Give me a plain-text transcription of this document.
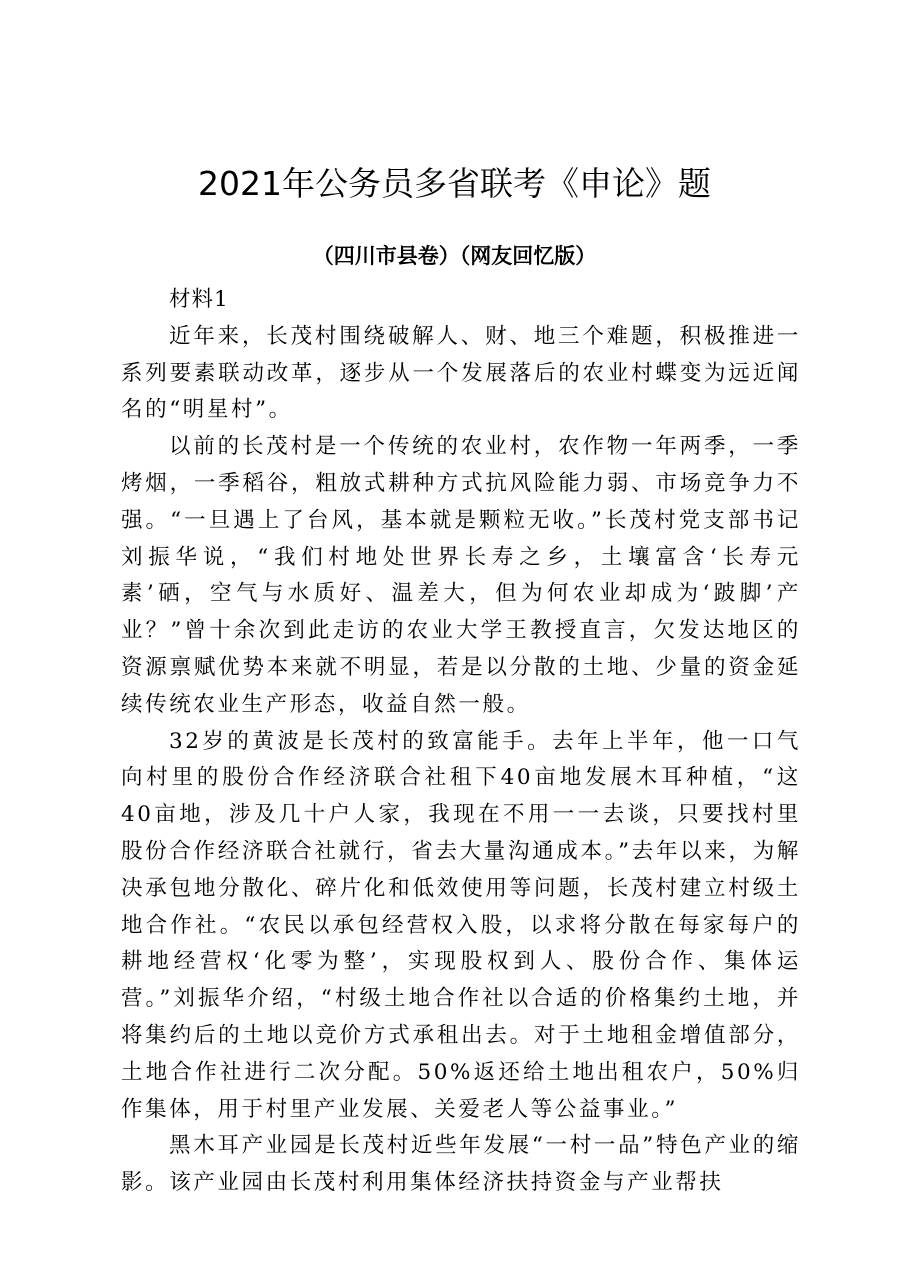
2021年公务员多省联考《申论》题
（四川市县卷）（网友回忆版）

材料1

近年来，长茂村围绕破解人、财、地三个难题，积极推进一系列要素联动改革，逐步从一个发展落后的农业村蝶变为远近闻名的“明星村”。

以前的长茂村是一个传统的农业村，农作物一年两季，一季烤烟，一季稻谷，粗放式耕种方式抗风险能力弱、市场竞争力不强。“一旦遇上了台风，基本就是颗粒无收。”长茂村党支部书记刘振华说，“我们村地处世界长寿之乡，土壤富含‘长寿元素’硒，空气与水质好、温差大，但为何农业却成为‘跛脚’产业？”曾十余次到此走访的农业大学王教授直言，欠发达地区的资源禀赋优势本来就不明显，若是以分散的土地、少量的资金延续传统农业生产形态，收益自然一般。

32岁的黄波是长茂村的致富能手。去年上半年，他一口气向村里的股份合作经济联合社租下40亩地发展木耳种植，“这40亩地，涉及几十户人家，我现在不用一一去谈，只要找村里股份合作经济联合社就行，省去大量沟通成本。”去年以来，为解决承包地分散化、碎片化和低效使用等问题，长茂村建立村级土地合作社。“农民以承包经营权入股，以求将分散在每家每户的耕地经营权‘化零为整’，实现股权到人、股份合作、集体运营。”刘振华介绍，“村级土地合作社以合适的价格集约土地，并将集约后的土地以竞价方式承租出去。对于土地租金增值部分，土地合作社进行二次分配。50%返还给土地出租农户，50%归作集体，用于村里产业发展、关爱老人等公益事业。”

黑木耳产业园是长茂村近些年发展“一村一品”特色产业的缩影。该产业园由长茂村利用集体经济扶持资金与产业帮扶
